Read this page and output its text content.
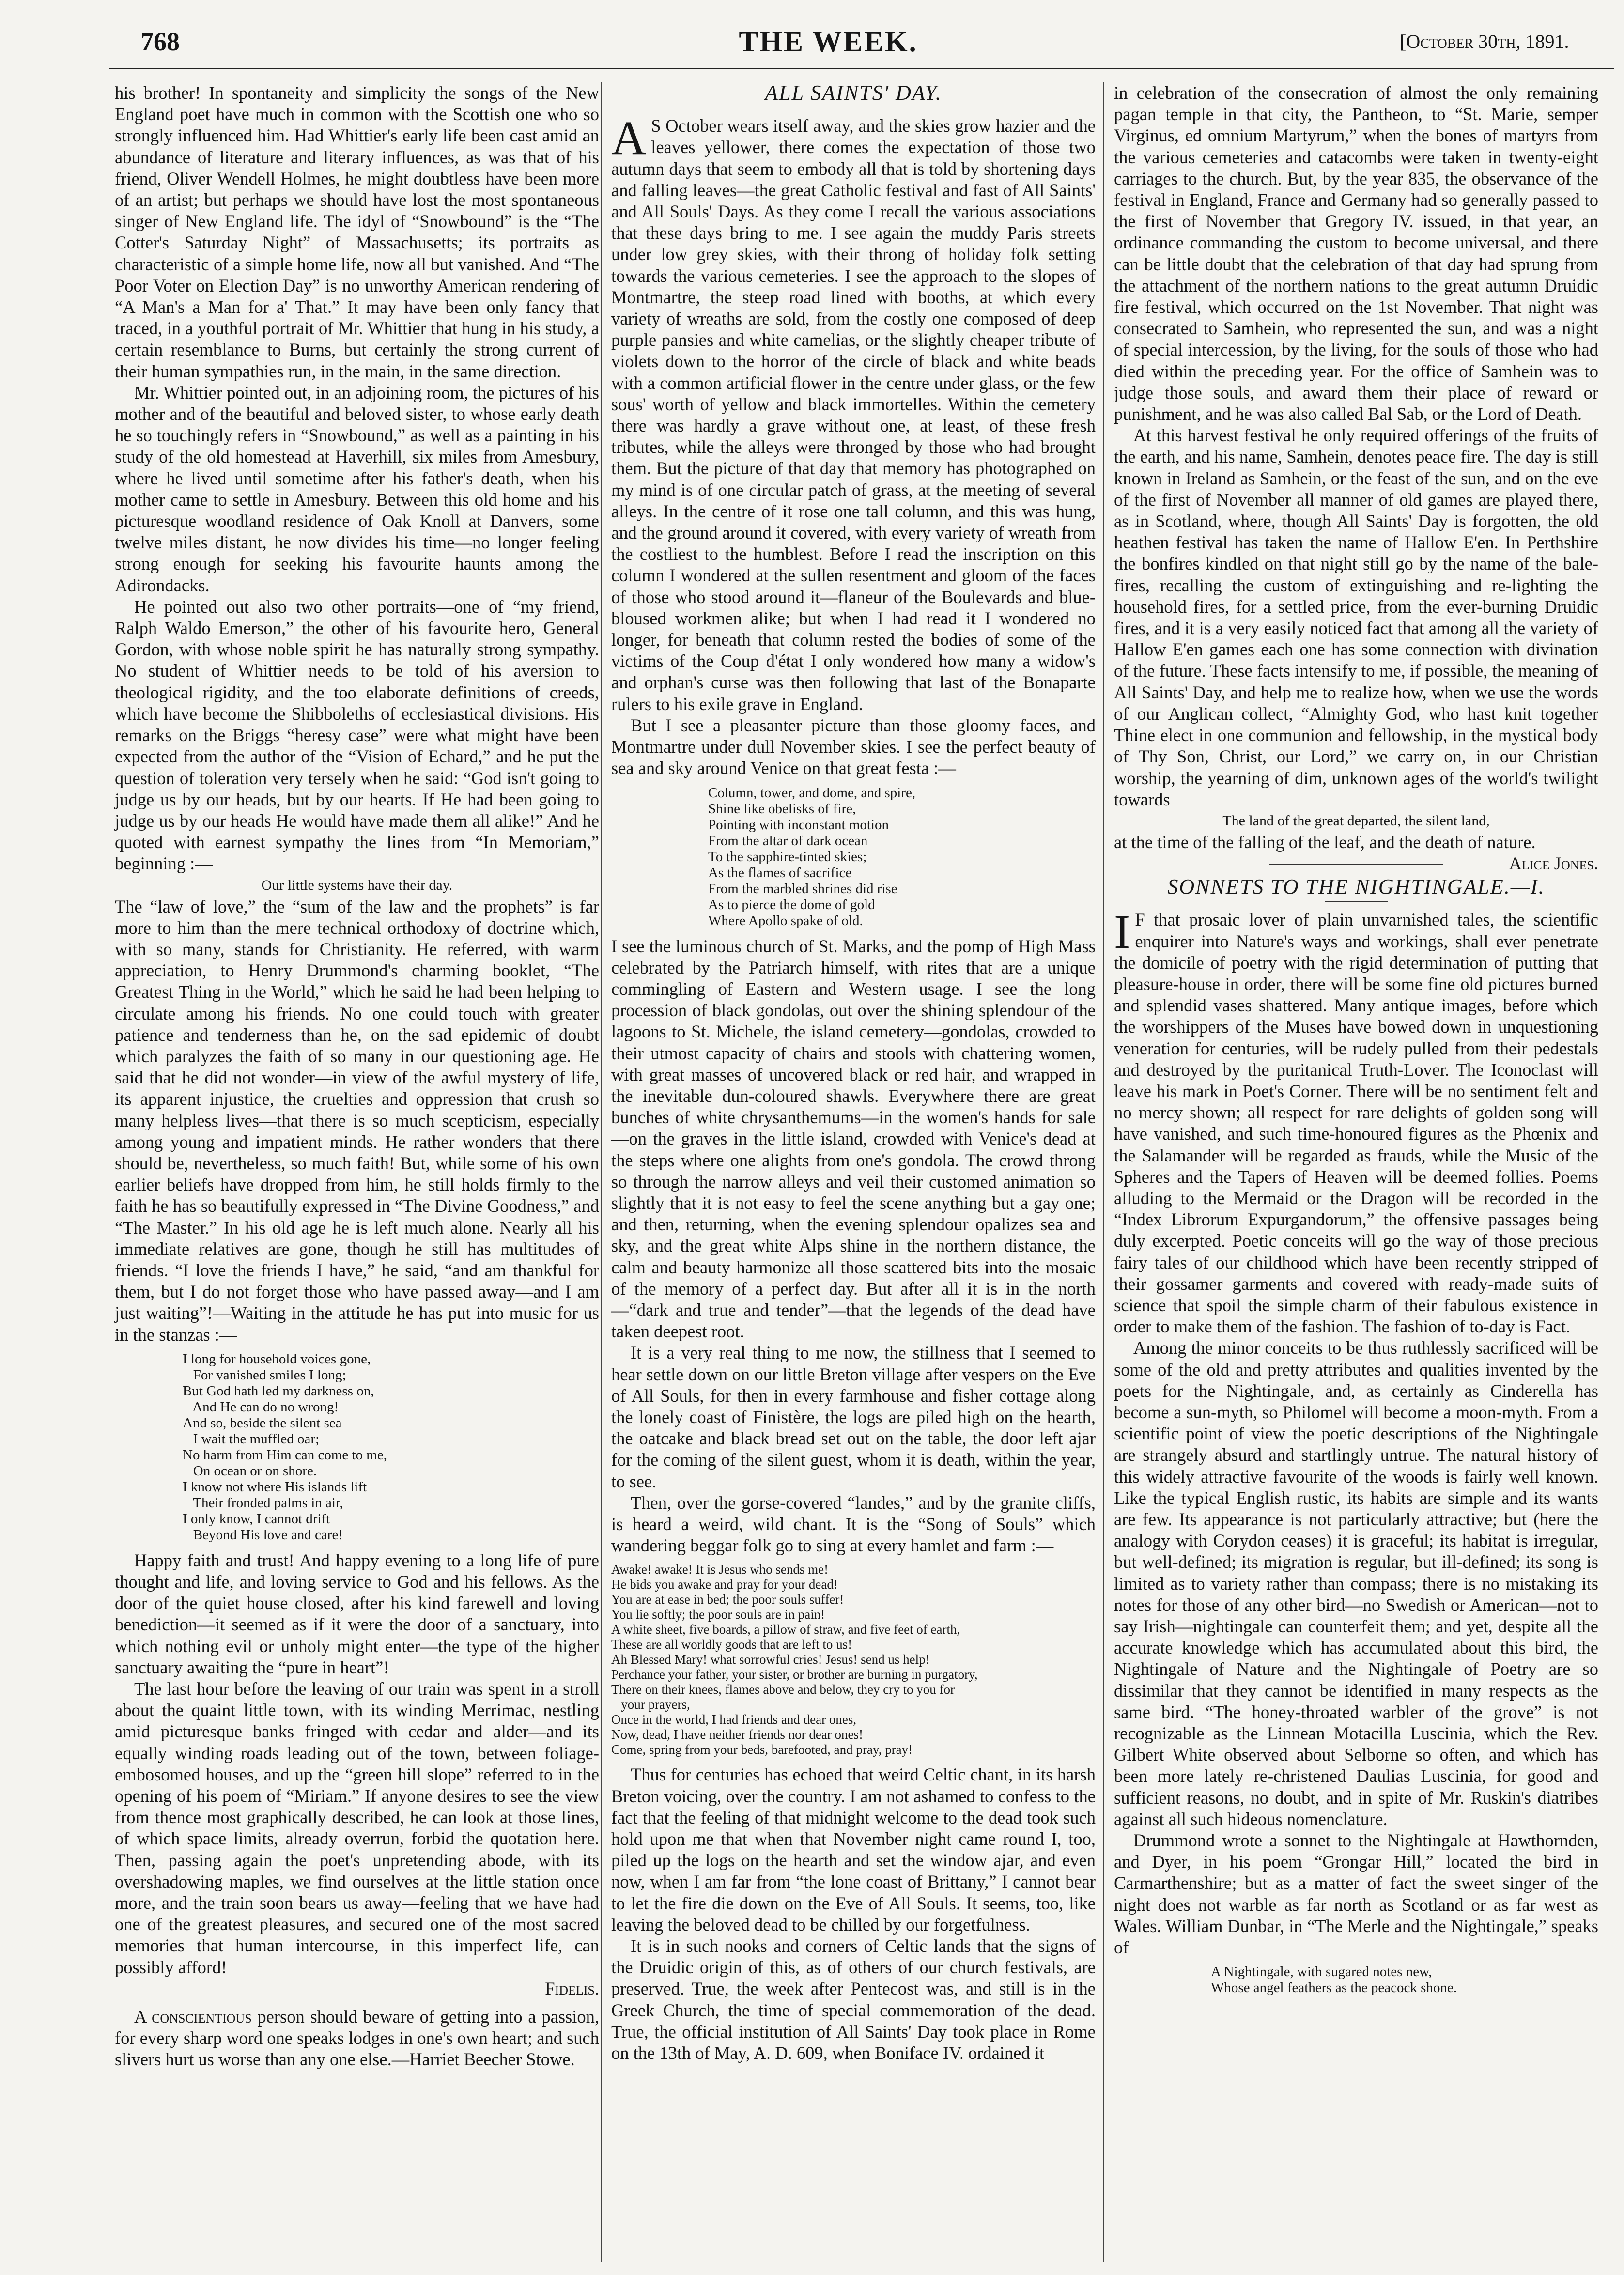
768	THE WEEK.	[October 30th, 1891.

his brother! In spontaneity and simplicity the songs of the New England poet have much in common with the Scottish one who so strongly influenced him. Had Whittier's early life been cast amid an abundance of literature and literary influences, as was that of his friend, Oliver Wendell Holmes, he might doubtless have been more of an artist; but perhaps we should have lost the most spontaneous singer of New England life. The idyl of “Snowbound” is the “The Cotter's Saturday Night” of Massachusetts; its portraits as characteristic of a simple home life, now all but vanished. And “The Poor Voter on Election Day” is no unworthy American rendering of “A Man's a Man for a' That.” It may have been only fancy that traced, in a youthful portrait of Mr. Whittier that hung in his study, a certain resemblance to Burns, but certainly the strong current of their human sympathies run, in the main, in the same direction.

Mr. Whittier pointed out, in an adjoining room, the pictures of his mother and of the beautiful and beloved sister, to whose early death he so touchingly refers in “Snowbound,” as well as a painting in his study of the old homestead at Haverhill, six miles from Amesbury, where he lived until sometime after his father's death, when his mother came to settle in Amesbury. Between this old home and his picturesque woodland residence of Oak Knoll at Danvers, some twelve miles distant, he now divides his time—no longer feeling strong enough for seeking his favourite haunts among the Adirondacks.

He pointed out also two other portraits—one of “my friend, Ralph Waldo Emerson,” the other of his favourite hero, General Gordon, with whose noble spirit he has naturally strong sympathy. No student of Whittier needs to be told of his aversion to theological rigidity, and the too elaborate definitions of creeds, which have become the Shibboleths of ecclesiastical divisions. His remarks on the Briggs “heresy case” were what might have been expected from the author of the “Vision of Echard,” and he put the question of toleration very tersely when he said: “God isn't going to judge us by our heads, but by our hearts. If He had been going to judge us by our heads He would have made them all alike!” And he quoted with earnest sympathy the lines from “In Memoriam,” beginning :—

Our little systems have their day.

The “law of love,” the “sum of the law and the prophets” is far more to him than the mere technical orthodoxy of doctrine which, with so many, stands for Christianity. He referred, with warm appreciation, to Henry Drummond's charming booklet, “The Greatest Thing in the World,” which he said he had been helping to circulate among his friends. No one could touch with greater patience and tenderness than he, on the sad epidemic of doubt which paralyzes the faith of so many in our questioning age. He said that he did not wonder—in view of the awful mystery of life, its apparent injustice, the cruelties and oppression that crush so many helpless lives—that there is so much scepticism, especially among young and impatient minds. He rather wonders that there should be, nevertheless, so much faith! But, while some of his own earlier beliefs have dropped from him, he still holds firmly to the faith he has so beautifully expressed in “The Divine Goodness,” and “The Master.” In his old age he is left much alone. Nearly all his immediate relatives are gone, though he still has multitudes of friends. “I love the friends I have,” he said, “and am thankful for them, but I do not forget those who have passed away—and I am just waiting”!—Waiting in the attitude he has put into music for us in the stanzas :—

I long for household voices gone,
For vanished smiles I long;
But God hath led my darkness on,
And He can do no wrong!
And so, beside the silent sea
I wait the muffled oar;
No harm from Him can come to me,
On ocean or on shore.
I know not where His islands lift
Their fronded palms in air,
I only know, I cannot drift
Beyond His love and care!

Happy faith and trust! And happy evening to a long life of pure thought and life, and loving service to God and his fellows. As the door of the quiet house closed, after his kind farewell and loving benediction—it seemed as if it were the door of a sanctuary, into which nothing evil or unholy might enter—the type of the higher sanctuary awaiting the “pure in heart”!

The last hour before the leaving of our train was spent in a stroll about the quaint little town, with its winding Merrimac, nestling amid picturesque banks fringed with cedar and alder—and its equally winding roads leading out of the town, between foliage-embosomed houses, and up the “green hill slope” referred to in the opening of his poem of “Miriam.” If anyone desires to see the view from thence most graphically described, he can look at those lines, of which space limits, already overrun, forbid the quotation here. Then, passing again the poet's unpretending abode, with its overshadowing maples, we find ourselves at the little station once more, and the train soon bears us away—feeling that we have had one of the greatest pleasures, and secured one of the most sacred memories that human intercourse, in this imperfect life, can possibly afford!

Fidelis.

A conscientious person should beware of getting into a passion, for every sharp word one speaks lodges in one's own heart; and such slivers hurt us worse than any one else.—Harriet Beecher Stowe.

ALL SAINTS' DAY.

A S October wears itself away, and the skies grow hazier and the leaves yellower, there comes the expectation of those two autumn days that seem to embody all that is told by shortening days and falling leaves—the great Catholic festival and fast of All Saints' and All Souls' Days. As they come I recall the various associations that these days bring to me. I see again the muddy Paris streets under low grey skies, with their throng of holiday folk setting towards the various cemeteries. I see the approach to the slopes of Montmartre, the steep road lined with booths, at which every variety of wreaths are sold, from the costly one composed of deep purple pansies and white camelias, or the slightly cheaper tribute of violets down to the horror of the circle of black and white beads with a common artificial flower in the centre under glass, or the few sous' worth of yellow and black immortelles. Within the cemetery there was hardly a grave without one, at least, of these fresh tributes, while the alleys were thronged by those who had brought them. But the picture of that day that memory has photographed on my mind is of one circular patch of grass, at the meeting of several alleys. In the centre of it rose one tall column, and this was hung, and the ground around it covered, with every variety of wreath from the costliest to the humblest. Before I read the inscription on this column I wondered at the sullen resentment and gloom of the faces of those who stood around it—flaneur of the Boulevards and blue-bloused workmen alike; but when I had read it I wondered no longer, for beneath that column rested the bodies of some of the victims of the Coup d'état I only wondered how many a widow's and orphan's curse was then following that last of the Bonaparte rulers to his exile grave in England.

But I see a pleasanter picture than those gloomy faces, and Montmartre under dull November skies. I see the perfect beauty of sea and sky around Venice on that great festa :—

Column, tower, and dome, and spire,
Shine like obelisks of fire,
Pointing with inconstant motion
From the altar of dark ocean
To the sapphire-tinted skies;
As the flames of sacrifice
From the marbled shrines did rise
As to pierce the dome of gold
Where Apollo spake of old.

I see the luminous church of St. Marks, and the pomp of High Mass celebrated by the Patriarch himself, with rites that are a unique commingling of Eastern and Western usage. I see the long procession of black gondolas, out over the shining splendour of the lagoons to St. Michele, the island cemetery—gondolas, crowded to their utmost capacity of chairs and stools with chattering women, with great masses of uncovered black or red hair, and wrapped in the inevitable dun-coloured shawls. Everywhere there are great bunches of white chrysanthemums—in the women's hands for sale—on the graves in the little island, crowded with Venice's dead at the steps where one alights from one's gondola. The crowd throng so through the narrow alleys and veil their customed animation so slightly that it is not easy to feel the scene anything but a gay one; and then, returning, when the evening splendour opalizes sea and sky, and the great white Alps shine in the northern distance, the calm and beauty harmonize all those scattered bits into the mosaic of the memory of a perfect day. But after all it is in the north—“dark and true and tender”—that the legends of the dead have taken deepest root.

It is a very real thing to me now, the stillness that I seemed to hear settle down on our little Breton village after vespers on the Eve of All Souls, for then in every farmhouse and fisher cottage along the lonely coast of Finistère, the logs are piled high on the hearth, the oatcake and black bread set out on the table, the door left ajar for the coming of the silent guest, whom it is death, within the year, to see.

Then, over the gorse-covered “landes,” and by the granite cliffs, is heard a weird, wild chant. It is the “Song of Souls” which wandering beggar folk go to sing at every hamlet and farm :—

Awake! awake! It is Jesus who sends me!
He bids you awake and pray for your dead!
You are at ease in bed; the poor souls suffer!
You lie softly; the poor souls are in pain!
A white sheet, five boards, a pillow of straw, and five feet of earth,
These are all worldly goods that are left to us!
Ah Blessed Mary! what sorrowful cries! Jesus! send us help!
Perchance your father, your sister, or brother are burning in purgatory,
There on their knees, flames above and below, they cry to you for
your prayers,
Once in the world, I had friends and dear ones,
Now, dead, I have neither friends nor dear ones!
Come, spring from your beds, barefooted, and pray, pray!

Thus for centuries has echoed that weird Celtic chant, in its harsh Breton voicing, over the country. I am not ashamed to confess to the fact that the feeling of that midnight welcome to the dead took such hold upon me that when that November night came round I, too, piled up the logs on the hearth and set the window ajar, and even now, when I am far from “the lone coast of Brittany,” I cannot bear to let the fire die down on the Eve of All Souls. It seems, too, like leaving the beloved dead to be chilled by our forgetfulness.

It is in such nooks and corners of Celtic lands that the signs of the Druidic origin of this, as of others of our church festivals, are preserved. True, the week after Pentecost was, and still is in the Greek Church, the time of special commemoration of the dead. True, the official institution of All Saints' Day took place in Rome on the 13th of May, A. D. 609, when Boniface IV. ordained it

in celebration of the consecration of almost the only remaining pagan temple in that city, the Pantheon, to “St. Marie, semper Virginus, ed omnium Martyrum,” when the bones of martyrs from the various cemeteries and catacombs were taken in twenty-eight carriages to the church. But, by the year 835, the observance of the festival in England, France and Germany had so generally passed to the first of November that Gregory IV. issued, in that year, an ordinance commanding the custom to become universal, and there can be little doubt that the celebration of that day had sprung from the attachment of the northern nations to the great autumn Druidic fire festival, which occurred on the 1st November. That night was consecrated to Samhein, who represented the sun, and was a night of special intercession, by the living, for the souls of those who had died within the preceding year. For the office of Samhein was to judge those souls, and award them their place of reward or punishment, and he was also called Bal Sab, or the Lord of Death.

At this harvest festival he only required offerings of the fruits of the earth, and his name, Samhein, denotes peace fire. The day is still known in Ireland as Samhein, or the feast of the sun, and on the eve of the first of November all manner of old games are played there, as in Scotland, where, though All Saints' Day is forgotten, the old heathen festival has taken the name of Hallow E'en. In Perthshire the bonfires kindled on that night still go by the name of the bale-fires, recalling the custom of extinguishing and re-lighting the household fires, for a settled price, from the ever-burning Druidic fires, and it is a very easily noticed fact that among all the variety of Hallow E'en games each one has some connection with divination of the future. These facts intensify to me, if possible, the meaning of All Saints' Day, and help me to realize how, when we use the words of our Anglican collect, “Almighty God, who hast knit together Thine elect in one communion and fellowship, in the mystical body of Thy Son, Christ, our Lord,” we carry on, in our Christian worship, the yearning of dim, unknown ages of the world's twilight towards

The land of the great departed, the silent land,

at the time of the falling of the leaf, and the death of nature.
Alice Jones.

SONNETS TO THE NIGHTINGALE.—I.

I F that prosaic lover of plain unvarnished tales, the scientific enquirer into Nature's ways and workings, shall ever penetrate the domicile of poetry with the rigid determination of putting that pleasure-house in order, there will be some fine old pictures burned and splendid vases shattered. Many antique images, before which the worshippers of the Muses have bowed down in unquestioning veneration for centuries, will be rudely pulled from their pedestals and destroyed by the puritanical Truth-Lover. The Iconoclast will leave his mark in Poet's Corner. There will be no sentiment felt and no mercy shown; all respect for rare delights of golden song will have vanished, and such time-honoured figures as the Phœnix and the Salamander will be regarded as frauds, while the Music of the Spheres and the Tapers of Heaven will be deemed follies. Poems alluding to the Mermaid or the Dragon will be recorded in the “Index Librorum Expurgandorum,” the offensive passages being duly excerpted. Poetic conceits will go the way of those precious fairy tales of our childhood which have been recently stripped of their gossamer garments and covered with ready-made suits of science that spoil the simple charm of their fabulous existence in order to make them of the fashion. The fashion of to-day is Fact.

Among the minor conceits to be thus ruthlessly sacrificed will be some of the old and pretty attributes and qualities invented by the poets for the Nightingale, and, as certainly as Cinderella has become a sun-myth, so Philomel will become a moon-myth. From a scientific point of view the poetic descriptions of the Nightingale are strangely absurd and startlingly untrue. The natural history of this widely attractive favourite of the woods is fairly well known. Like the typical English rustic, its habits are simple and its wants are few. Its appearance is not particularly attractive; but (here the analogy with Corydon ceases) it is graceful; its habitat is irregular, but well-defined; its migration is regular, but ill-defined; its song is limited as to variety rather than compass; there is no mistaking its notes for those of any other bird—no Swedish or American—not to say Irish—nightingale can counterfeit them; and yet, despite all the accurate knowledge which has accumulated about this bird, the Nightingale of Nature and the Nightingale of Poetry are so dissimilar that they cannot be identified in many respects as the same bird. “The honey-throated warbler of the grove” is not recognizable as the Linnean Motacilla Luscinia, which the Rev. Gilbert White observed about Selborne so often, and which has been more lately re-christened Daulias Luscinia, for good and sufficient reasons, no doubt, and in spite of Mr. Ruskin's diatribes against all such hideous nomenclature.

Drummond wrote a sonnet to the Nightingale at Hawthornden, and Dyer, in his poem “Grongar Hill,” located the bird in Carmarthenshire; but as a matter of fact the sweet singer of the night does not warble as far north as Scotland or as far west as Wales. William Dunbar, in “The Merle and the Nightingale,” speaks of

A Nightingale, with sugared notes new,
Whose angel feathers as the peacock shone.
